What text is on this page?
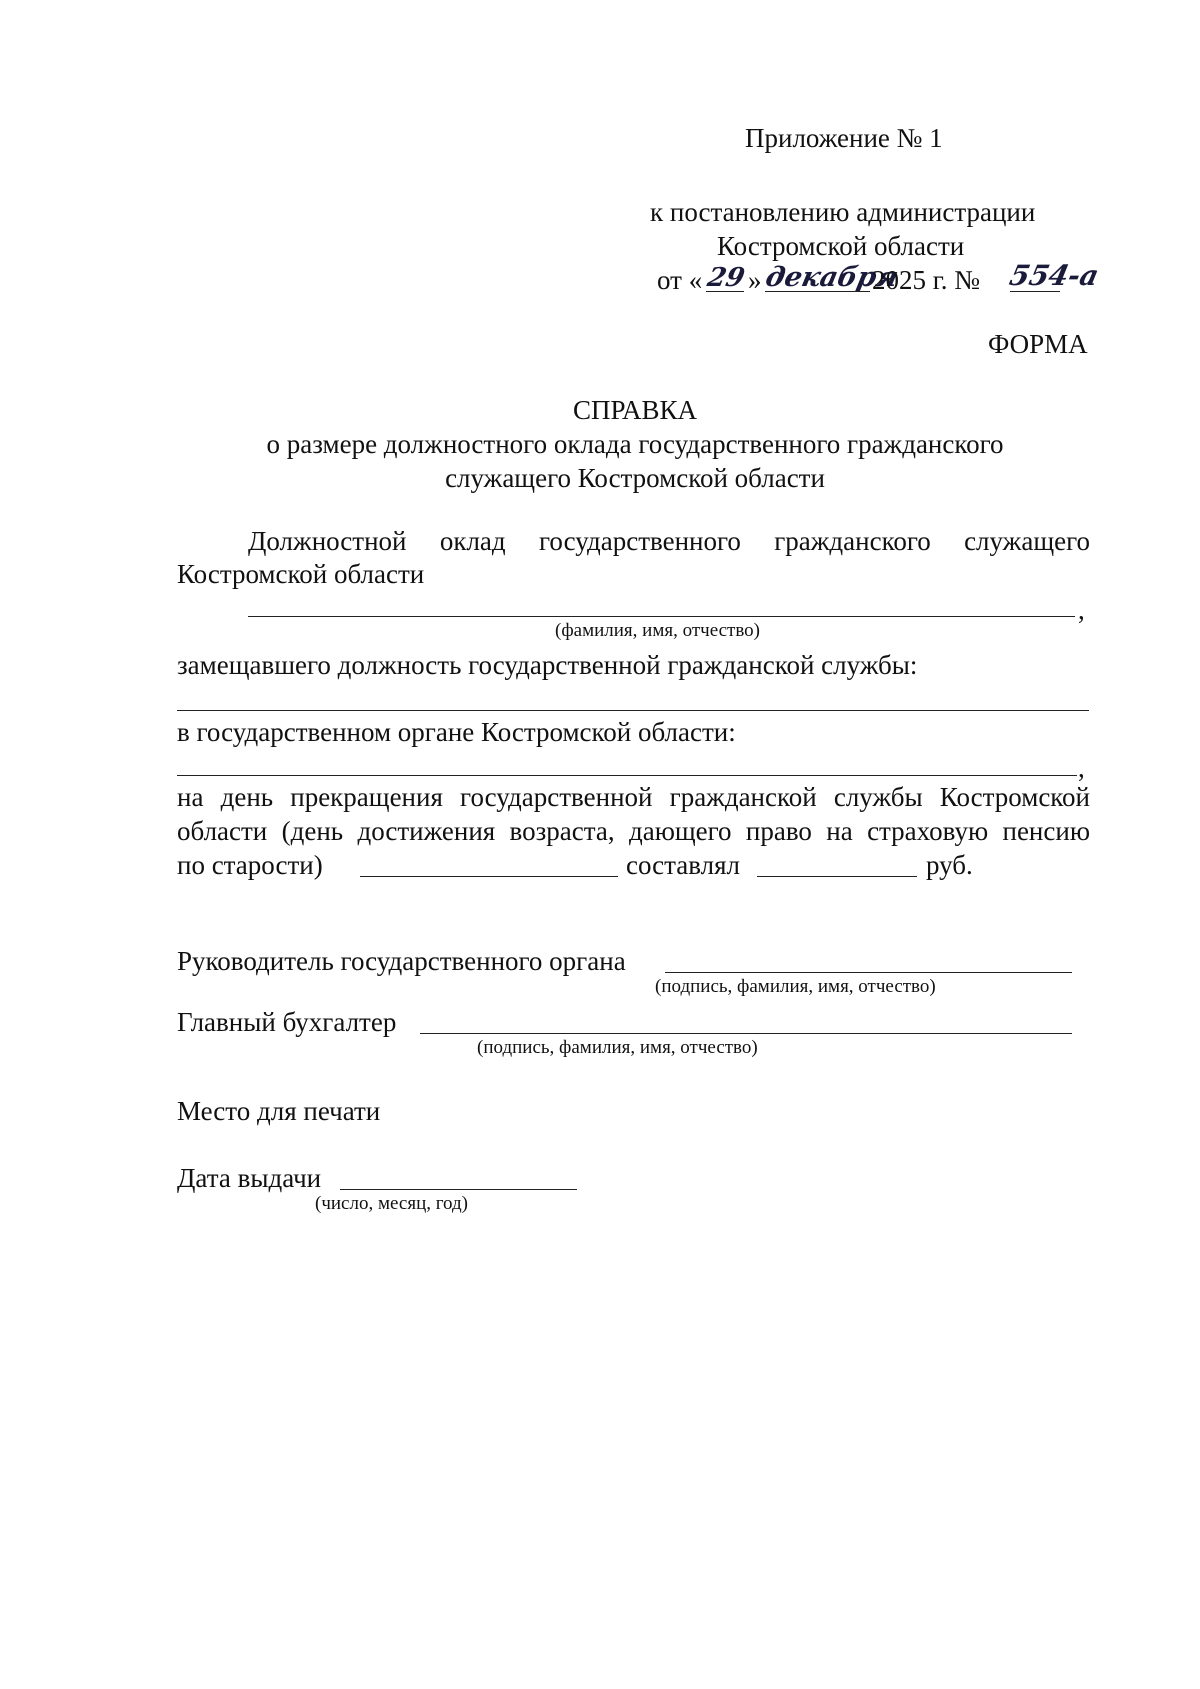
Приложение № 1
к постановлению администрации
Костромской области
от « 29 » декабря
2025 г. № 554-а
ФОРМА
СПРАВКА
о размере должностного оклада государственного гражданского
служащего Костромской области
Должностной оклад государственного гражданского служащего
Костромской области
,
(фамилия, имя, отчество)
замещавшего должность государственной гражданской службы:
в государственном органе Костромской области:
,
на день прекращения государственной гражданской службы Костромской
области (день достижения возраста, дающего право на страховую пенсию
по старости)	составлял	руб.
Руководитель государственного органа
(подпись, фамилия, имя, отчество)
Главный бухгалтер
(подпись, фамилия, имя, отчество)
Место для печати
Дата выдачи
(число, месяц, год)
